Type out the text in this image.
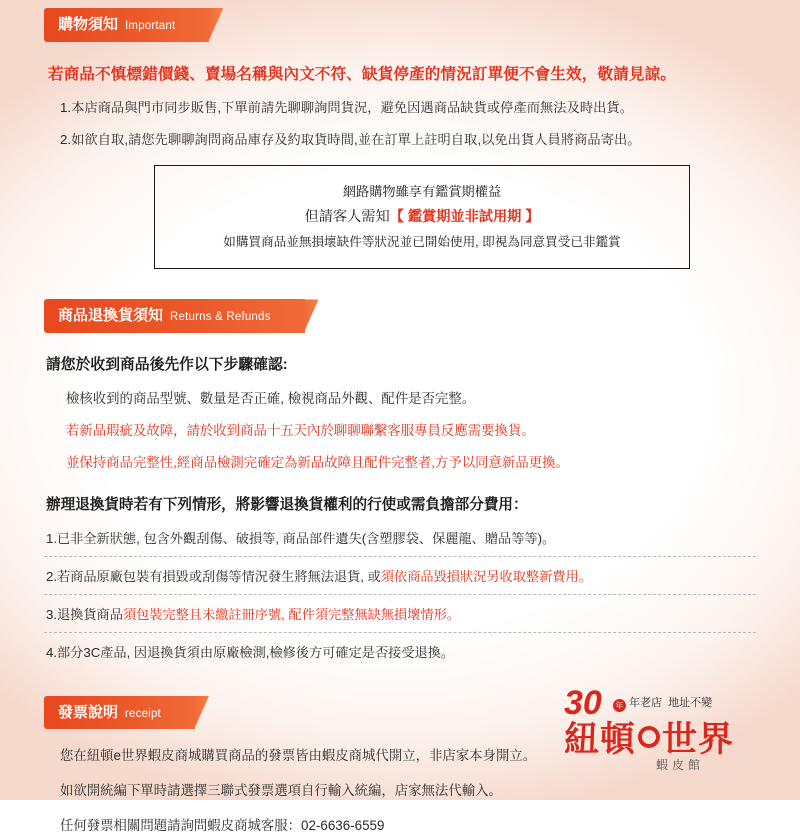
購物須知 Important
若商品不慎標錯價錢、賣場名稱與內文不符、缺貨停產的情況訂單便不會生效，敬請見諒。
1.本店商品與門市同步販售,下單前請先聊聊詢問貨況，避免因遇商品缺貨或停產而無法及時出貨。
2.如欲自取,請您先聊聊詢問商品庫存及約取貨時間,並在訂單上註明自取,以免出貨人員將商品寄出。
網路購物雖享有鑑賞期權益
但請客人需知【 鑑賞期並非試用期 】
如購買商品並無損壞缺件等狀況並已開始使用, 即視為同意買受已非鑑賞
商品退換貨須知 Returns & Refunds
請您於收到商品後先作以下步驟確認:
檢核收到的商品型號、數量是否正確, 檢視商品外觀、配件是否完整。
若新品瑕疵及故障，請於收到商品十五天內於聊聊聯繫客服專員反應需要換貨。
並保持商品完整性,經商品檢測完確定為新品故障且配件完整者,方予以同意新品更換。
辦理退換貨時若有下列情形，將影響退換貨權利的行使或需負擔部分費用：
1.已非全新狀態, 包含外觀刮傷、破損等, 商品部件遺失(含塑膠袋、保麗龍、贈品等等)。
2.若商品原廠包裝有損毀或刮傷等情況發生將無法退貨, 或須依商品毀損狀況另收取整新費用。
3.退換貨商品須包裝完整且未繳註冊序號, 配件須完整無缺無損壞情形。
4.部分3C產品, 因退換貨須由原廠檢測,檢修後方可確定是否接受退換。
發票說明 receipt
您在紐頓e世界蝦皮商城購買商品的發票皆由蝦皮商城代開立，非店家本身開立。
如欲開統編下單時請選擇三聯式發票選項自行輸入統編，店家無法代輸入。
任何發票相關問題請詢問蝦皮商城客服：02-6636-6559
30	年 年老店 地址不變
紐頓 世界
蝦皮館
